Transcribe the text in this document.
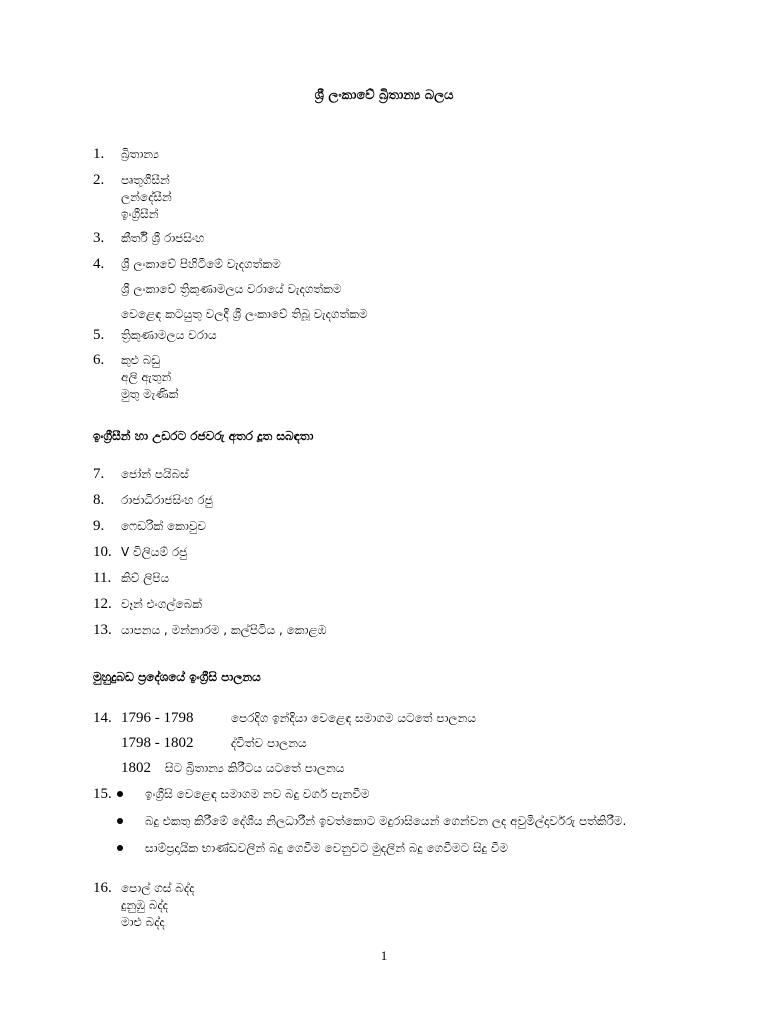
ශ්‍රී ලංකාවේ බ්‍රිතාන්‍ය බලය
1.	බ්‍රිතාන්‍ය
2.	පෘතුගීසීන්
ලන්දේසීන්
ඉංග්‍රීසීන්
3.	කීර්ති ශ්‍රී රාජසිංහ
4.	ශ්‍රී ලංකාවේ පිහිටීමේ වැදගත්කම
ශ්‍රී ලංකාවේ ත්‍රිකුණාමලය වරායේ වැදගත්කම
වෙළෙඳ කටයුතු වලදී ශ්‍රී ලංකාවේ තිබූ වැදගත්කම
5.	ත්‍රිකුණාමලය වරාය
6.	කුළු බඩු
අලි ඇතුන්
මුතු මැණික්
ඉංග්‍රීසීන් හා උඩරට රජවරු අතර දූත සබඳතා
7.	ජෝන් පයිබස්
8.	රාජාධිරාජසිංහ රජු
9.	ෆෙඩරික් කොවුච
10. V විලියම් රජු
11. කිව් ලිපිය
12. වෑන් එංගල්බෙක්
13. යාපනය , මන්නාරම , කල්පිටිය , කොළඹ
මුහුදුබඩ ප්‍රදේශයේ ඉංග්‍රීසි පාලනය
14. 1796 - 1798	පෙරදිග ඉන්දියා වෙළෙඳ සමාගම යටතේ පාලනය
1798 - 1802	ද්විත්ව පාලනය
1802 සිට බ්‍රිතාන්‍ය කිරීටය යටතේ පාලනය
15.	ඉංග්‍රීසි වෙළෙඳ සමාගම නව බදු වර්ග පැනවීම
බදු එකතු කිරීමේ දේශීය නිලධාරීන් ඉවත්කොට මදුරාසියෙන් ගෙන්වන ලද අවුමිල්දාර්වරු පත්කිරීම.
සාම්ප්‍රදායික භාණ්ඩවලින් බදු ගෙවීම වෙනුවට මුදලින් බදු ගෙවීමට සිදු වීම
16. පොල් ගස් බද්ද
දුනුඹු බද්ද
මාළු බද්ද
1
